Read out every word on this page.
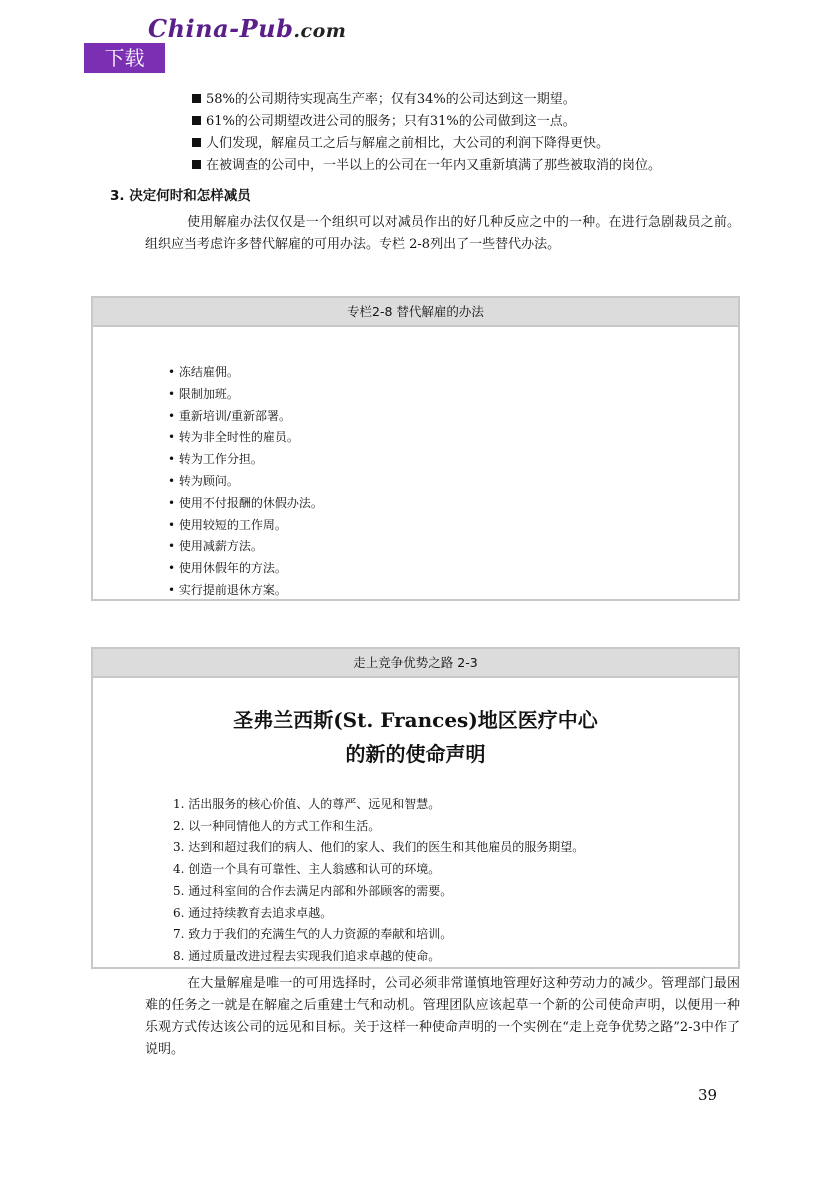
China-Pub.com
下载
58%的公司期待实现高生产率；仅有34%的公司达到这一期望。
61%的公司期望改进公司的服务；只有31%的公司做到这一点。
人们发现，解雇员工之后与解雇之前相比，大公司的利润下降得更快。
在被调查的公司中，一半以上的公司在一年内又重新填满了那些被取消的岗位。
3. 决定何时和怎样减员
使用解雇办法仅仅是一个组织可以对减员作出的好几种反应之中的一种。在进行急剧裁员之前。组织应当考虑许多替代解雇的可用办法。专栏 2-8列出了一些替代办法。
专栏2-8 替代解雇的办法
• 冻结雇佣。
• 限制加班。
• 重新培训/重新部署。
• 转为非全时性的雇员。
• 转为工作分担。
• 转为顾问。
• 使用不付报酬的休假办法。
• 使用较短的工作周。
• 使用减薪方法。
• 使用休假年的方法。
• 实行提前退休方案。
走上竞争优势之路 2-3
圣弗兰西斯(St. Frances)地区医疗中心
的新的使命声明
1. 活出服务的核心价值、人的尊严、远见和智慧。
2. 以一种同情他人的方式工作和生活。
3. 达到和超过我们的病人、他们的家人、我们的医生和其他雇员的服务期望。
4. 创造一个具有可靠性、主人翁感和认可的环境。
5. 通过科室间的合作去满足内部和外部顾客的需要。
6. 通过持续教育去追求卓越。
7. 致力于我们的充满生气的人力资源的奉献和培训。
8. 通过质量改进过程去实现我们追求卓越的使命。
在大量解雇是唯一的可用选择时，公司必须非常谨慎地管理好这种劳动力的减少。管理部门最困难的任务之一就是在解雇之后重建士气和动机。管理团队应该起草一个新的公司使命声明，以便用一种乐观方式传达该公司的远见和目标。关于这样一种使命声明的一个实例在“走上竞争优势之路”2-3中作了说明。
39
